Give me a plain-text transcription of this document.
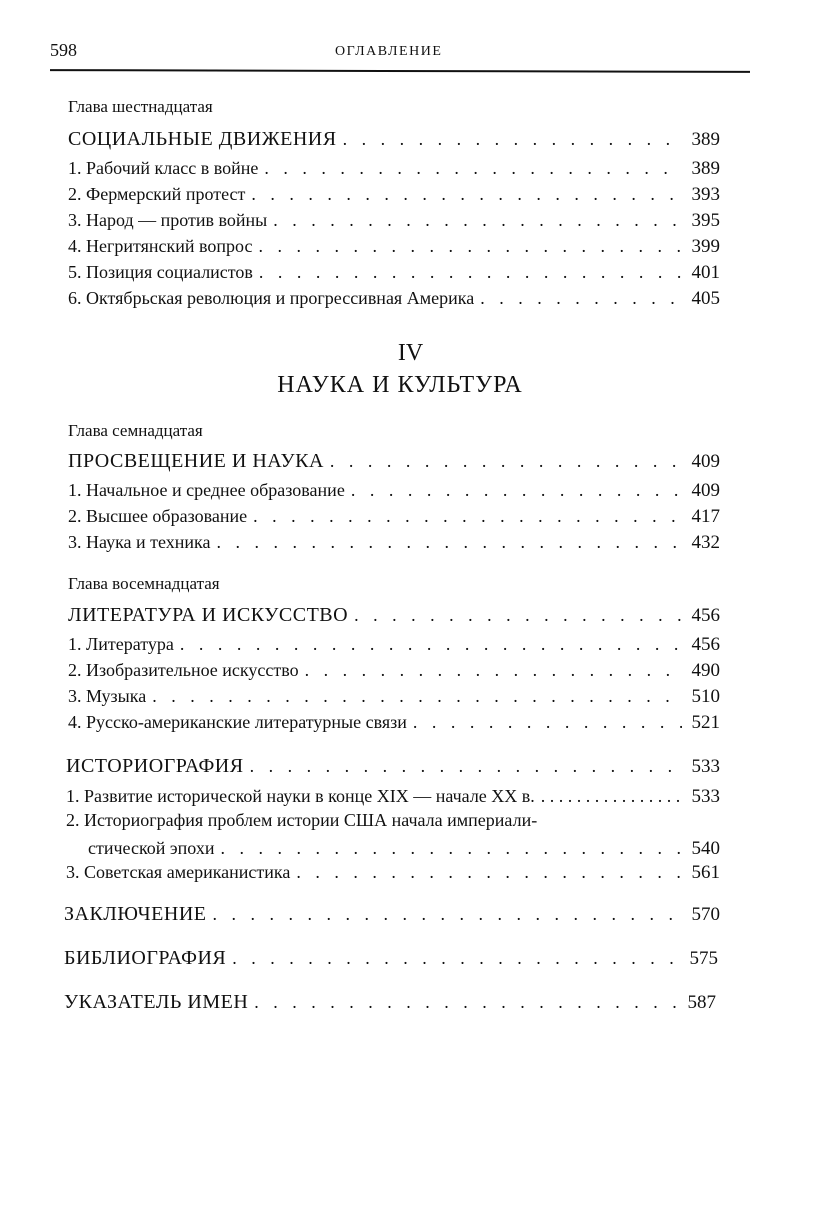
598	ОГЛАВЛЕНИЕ
Глава шестнадцатая
СОЦИАЛЬНЫЕ ДВИЖЕНИЯ . . .	389
1. Рабочий класс в войне . . .	389
2. Фермерский протест . . .	393
3. Народ — против войны . . .	395
4. Негритянский вопрос . . .	399
5. Позиция социалистов . . .	401
6. Октябрьская революция и прогрессивная Америка . . .	405
IV
НАУКА И КУЛЬТУРА
Глава семнадцатая
ПРОСВЕЩЕНИЕ И НАУКА . . .	409
1. Начальное и среднее образование . . .	409
2. Высшее образование . . .	417
3. Наука и техника . . .	432
Глава восемнадцатая
ЛИТЕРАТУРА И ИСКУССТВО . . .	456
1. Литература . . .	456
2. Изобразительное искусство . . .	490
3. Музыка . . .	510
4. Русско-американские литературные связи . . .	521
ИСТОРИОГРАФИЯ . . .	533
1. Развитие исторической науки в конце XIX — начале XX в. . . .	533
2. Историография проблем истории США начала империали-
стической эпохи . . .	540
3. Советская американистика . . .	561
ЗАКЛЮЧЕНИЕ . . .	570
БИБЛИОГРАФИЯ . . .	575
УКАЗАТЕЛЬ ИМЕН . . .	587
